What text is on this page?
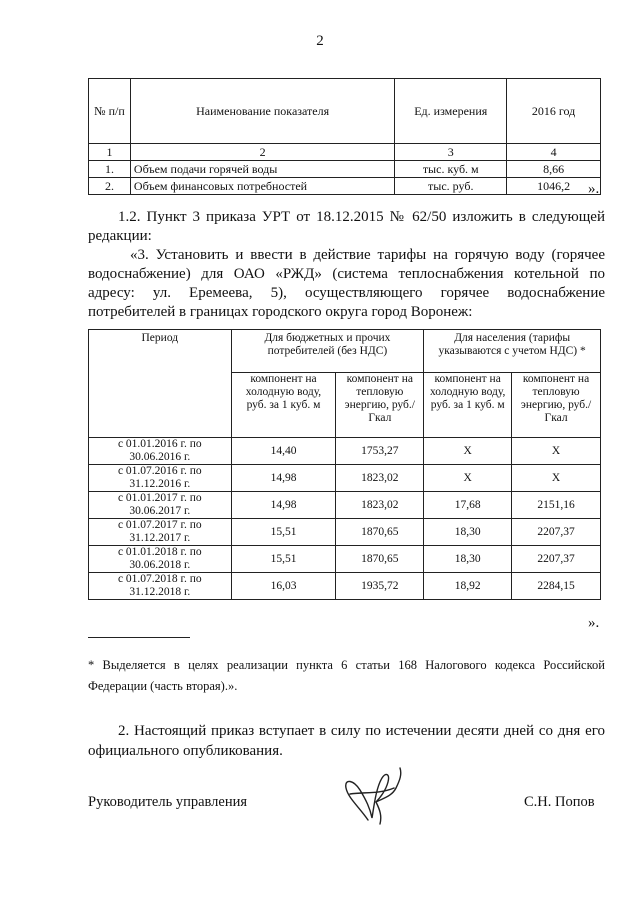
2
№ п/п	Наименование показателя	Ед. измерения	2016 год
1	2	3	4
1.	Объем подачи горячей воды	тыс. куб. м	8,66
2.	Объем финансовых потребностей	тыс. руб.	1046,2 ».
1.2. Пункт 3 приказа УРТ от 18.12.2015 № 62/50 изложить в следующей редакции:
«3. Установить и ввести в действие тарифы на горячую воду (горячее водоснабжение) для ОАО «РЖД» (система теплоснабжения котельной по адресу: ул. Еремеева, 5), осуществляющего горячее водоснабжение потребителей в границах городского округа город Воронеж:
Период	Для бюджетных и прочих потребителей (без НДС)		Для населения (тарифы указываются с учетом НДС) *	
	компонент на холодную воду, руб. за 1 куб. м	компонент на тепловую энергию, руб./Гкал	компонент на холодную воду, руб. за 1 куб. м	компонент на тепловую энергию, руб./Гкал
с 01.01.2016 г. по 30.06.2016 г.	14,40	1753,27	X	X
с 01.07.2016 г. по 31.12.2016 г.	14,98	1823,02	X	X
с 01.01.2017 г. по 30.06.2017 г.	14,98	1823,02	17,68	2151,16
с 01.07.2017 г. по 31.12.2017 г.	15,51	1870,65	18,30	2207,37
с 01.01.2018 г. по 30.06.2018 г.	15,51	1870,65	18,30	2207,37
с 01.07.2018 г. по 31.12.2018 г.	16,03	1935,72	18,92	2284,15
».
* Выделяется в целях реализации пункта 6 статьи 168 Налогового кодекса Российской Федерации (часть вторая).».
2. Настоящий приказ вступает в силу по истечении десяти дней со дня его официального опубликования.
Руководитель управления	С.Н. Попов
